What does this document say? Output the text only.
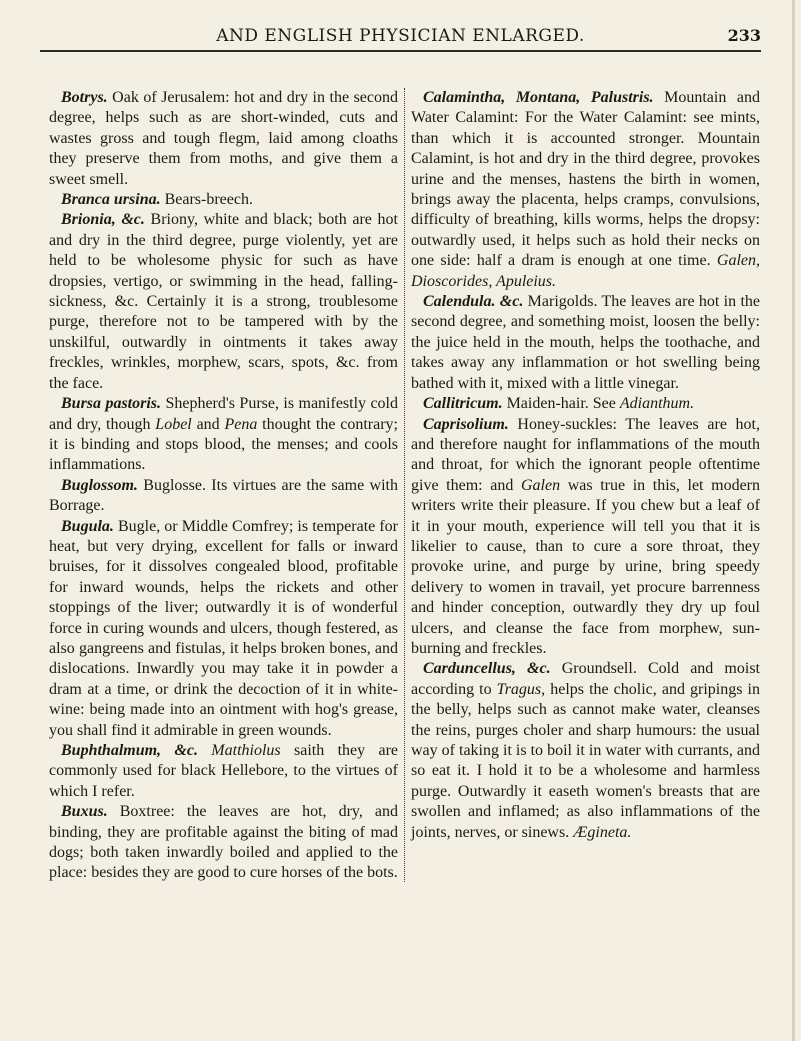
AND ENGLISH PHYSICIAN ENLARGED.	233

Botrys. Oak of Jerusalem: hot and dry in the second degree, helps such as are short-winded, cuts and wastes gross and tough flegm, laid among cloaths they preserve them from moths, and give them a sweet smell.

Branca ursina. Bears-breech.

Brionia, &c. Briony, white and black; both are hot and dry in the third degree, purge violently, yet are held to be wholesome physic for such as have dropsies, vertigo, or swimming in the head, falling-sickness, &c. Certainly it is a strong, troublesome purge, therefore not to be tampered with by the unskilful, outwardly in ointments it takes away freckles, wrinkles, morphew, scars, spots, &c. from the face.

Bursa pastoris. Shepherd's Purse, is manifestly cold and dry, though Lobel and Pena thought the contrary; it is binding and stops blood, the menses; and cools inflammations.

Buglossom. Buglosse. Its virtues are the same with Borrage.

Bugula. Bugle, or Middle Comfrey; is temperate for heat, but very drying, excellent for falls or inward bruises, for it dissolves congealed blood, profitable for inward wounds, helps the rickets and other stoppings of the liver; outwardly it is of wonderful force in curing wounds and ulcers, though festered, as also gangreens and fistulas, it helps broken bones, and dislocations. Inwardly you may take it in powder a dram at a time, or drink the decoction of it in white-wine: being made into an ointment with hog's grease, you shall find it admirable in green wounds.

Buphthalmum, &c. Matthiolus saith they are commonly used for black Hellebore, to the virtues of which I refer.

Buxus. Boxtree: the leaves are hot, dry, and binding, they are profitable against the biting of mad dogs; both taken inwardly boiled and applied to the place: besides they are good to cure horses of the bots.

Calamintha, Montana, Palustris. Mountain and Water Calamint: For the Water Calamint: see mints, than which it is accounted stronger. Mountain Calamint, is hot and dry in the third degree, provokes urine and the menses, hastens the birth in women, brings away the placenta, helps cramps, convulsions, difficulty of breathing, kills worms, helps the dropsy: outwardly used, it helps such as hold their necks on one side: half a dram is enough at one time. Galen, Dioscorides, Apuleius.

Calendula. &c. Marigolds. The leaves are hot in the second degree, and something moist, loosen the belly: the juice held in the mouth, helps the toothache, and takes away any inflammation or hot swelling being bathed with it, mixed with a little vinegar.

Callitricum. Maiden-hair. See Adianthum.

Caprisolium. Honey-suckles: The leaves are hot, and therefore naught for inflammations of the mouth and throat, for which the ignorant people oftentime give them: and Galen was true in this, let modern writers write their pleasure. If you chew but a leaf of it in your mouth, experience will tell you that it is likelier to cause, than to cure a sore throat, they provoke urine, and purge by urine, bring speedy delivery to women in travail, yet procure barrenness and hinder conception, outwardly they dry up foul ulcers, and cleanse the face from morphew, sun-burning and freckles.

Carduncellus, &c. Groundsell. Cold and moist according to Tragus, helps the cholic, and gripings in the belly, helps such as cannot make water, cleanses the reins, purges choler and sharp humours: the usual way of taking it is to boil it in water with currants, and so eat it. I hold it to be a wholesome and harmless purge. Outwardly it easeth women's breasts that are swollen and inflamed; as also inflammations of the joints, nerves, or sinews. Ægineta.
